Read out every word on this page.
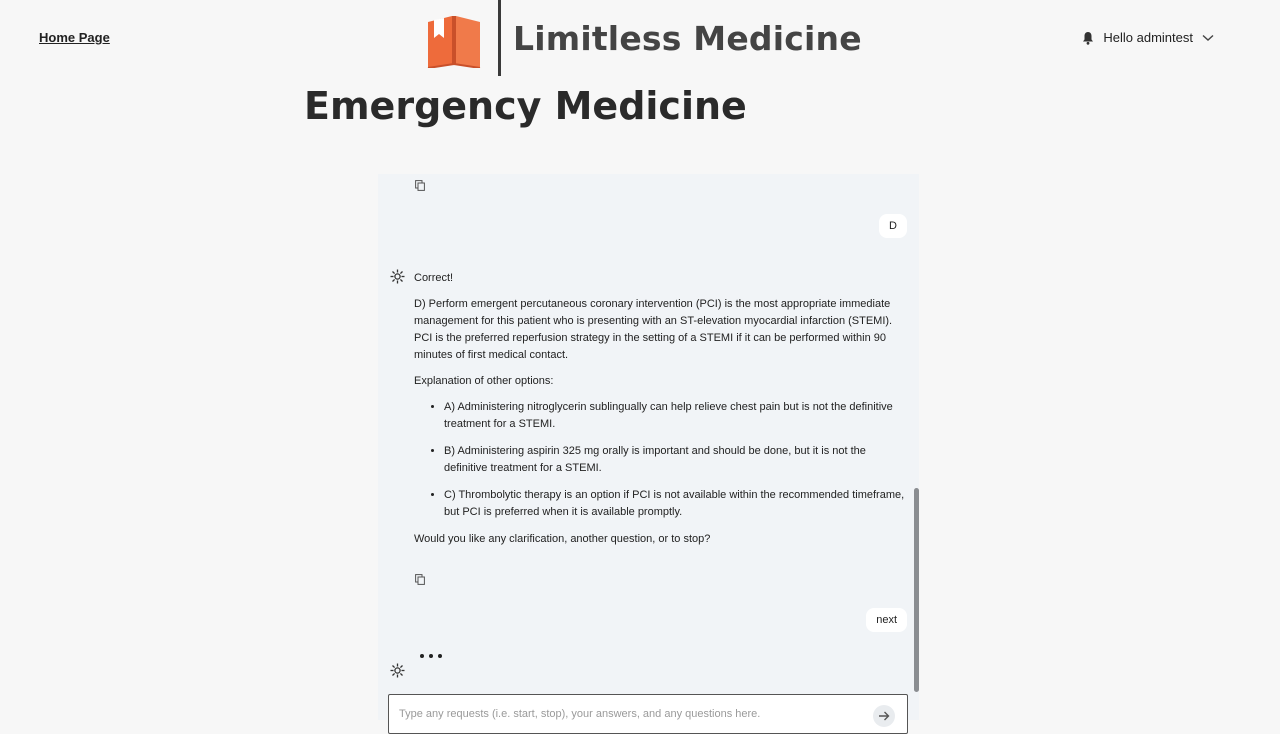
Home Page	Limitless Medicine	Hello admintest
Emergency Medicine
D

Correct!

D) Perform emergent percutaneous coronary intervention (PCI) is the most appropriate immediate management for this patient who is presenting with an ST-elevation myocardial infarction (STEMI). PCI is the preferred reperfusion strategy in the setting of a STEMI if it can be performed within 90 minutes of first medical contact.

Explanation of other options:

• A) Administering nitroglycerin sublingually can help relieve chest pain but is not the definitive treatment for a STEMI.
• B) Administering aspirin 325 mg orally is important and should be done, but it is not the definitive treatment for a STEMI.
• C) Thrombolytic therapy is an option if PCI is not available within the recommended timeframe, but PCI is preferred when it is available promptly.

Would you like any clarification, another question, or to stop?

next
Type any requests (i.e. start, stop), your answers, and any questions here.
